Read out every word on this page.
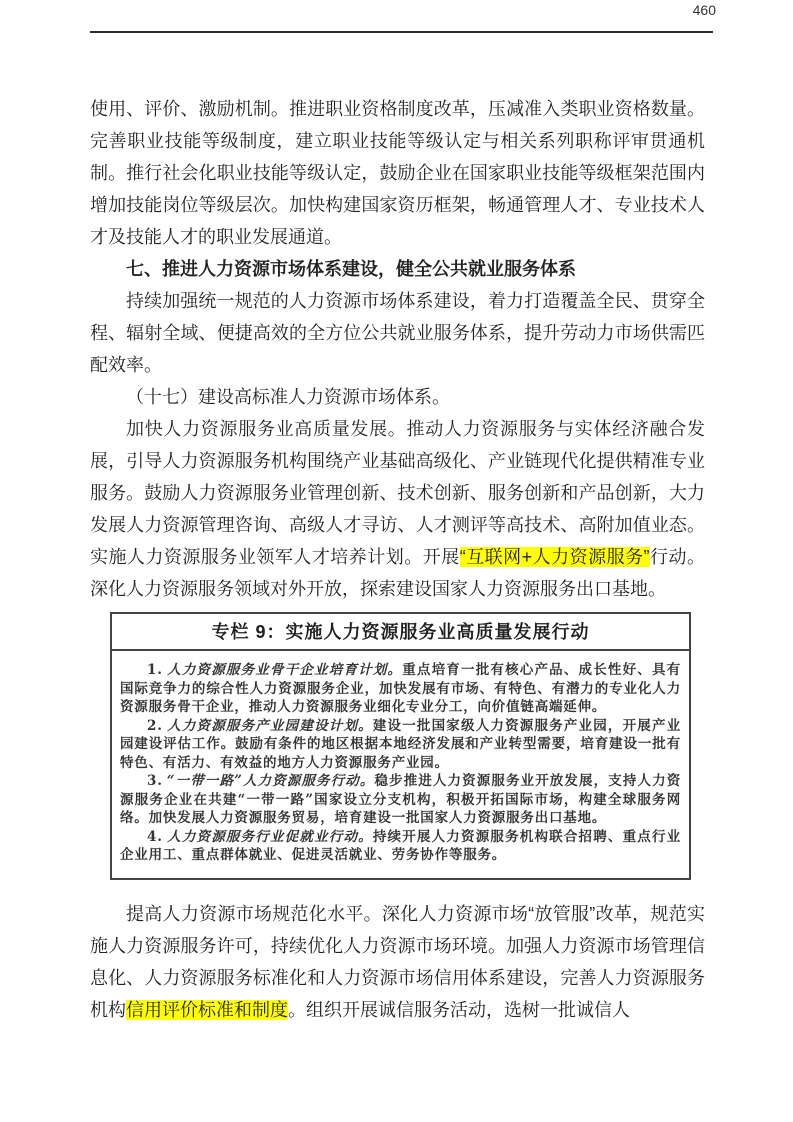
460

使用、评价、激励机制。推进职业资格制度改革，压减准入类职业资格数量。完善职业技能等级制度，建立职业技能等级认定与相关系列职称评审贯通机制。推行社会化职业技能等级认定，鼓励企业在国家职业技能等级框架范围内增加技能岗位等级层次。加快构建国家资历框架，畅通管理人才、专业技术人才及技能人才的职业发展通道。

七、推进人力资源市场体系建设，健全公共就业服务体系

持续加强统一规范的人力资源市场体系建设，着力打造覆盖全民、贯穿全程、辐射全域、便捷高效的全方位公共就业服务体系，提升劳动力市场供需匹配效率。

（十七）建设高标准人力资源市场体系。

加快人力资源服务业高质量发展。推动人力资源服务与实体经济融合发展，引导人力资源服务机构围绕产业基础高级化、产业链现代化提供精准专业服务。鼓励人力资源服务业管理创新、技术创新、服务创新和产品创新，大力发展人力资源管理咨询、高级人才寻访、人才测评等高技术、高附加值业态。实施人力资源服务业领军人才培养计划。开展“互联网+人力资源服务”行动。深化人力资源服务领域对外开放，探索建设国家人力资源服务出口基地。

专栏 9：实施人力资源服务业高质量发展行动

1. 人力资源服务业骨干企业培育计划。重点培育一批有核心产品、成长性好、具有国际竞争力的综合性人力资源服务企业，加快发展有市场、有特色、有潜力的专业化人力资源服务骨干企业，推动人力资源服务业细化专业分工，向价值链高端延伸。

2. 人力资源服务产业园建设计划。建设一批国家级人力资源服务产业园，开展产业园建设评估工作。鼓励有条件的地区根据本地经济发展和产业转型需要，培育建设一批有特色、有活力、有效益的地方人力资源服务产业园。

3. “一带一路”人力资源服务行动。稳步推进人力资源服务业开放发展，支持人力资源服务企业在共建“一带一路”国家设立分支机构，积极开拓国际市场，构建全球服务网络。加快发展人力资源服务贸易，培育建设一批国家人力资源服务出口基地。

4. 人力资源服务行业促就业行动。持续开展人力资源服务机构联合招聘、重点行业企业用工、重点群体就业、促进灵活就业、劳务协作等服务。

提高人力资源市场规范化水平。深化人力资源市场“放管服”改革，规范实施人力资源服务许可，持续优化人力资源市场环境。加强人力资源市场管理信息化、人力资源服务标准化和人力资源市场信用体系建设，完善人力资源服务机构信用评价标准和制度。组织开展诚信服务活动，选树一批诚信人
